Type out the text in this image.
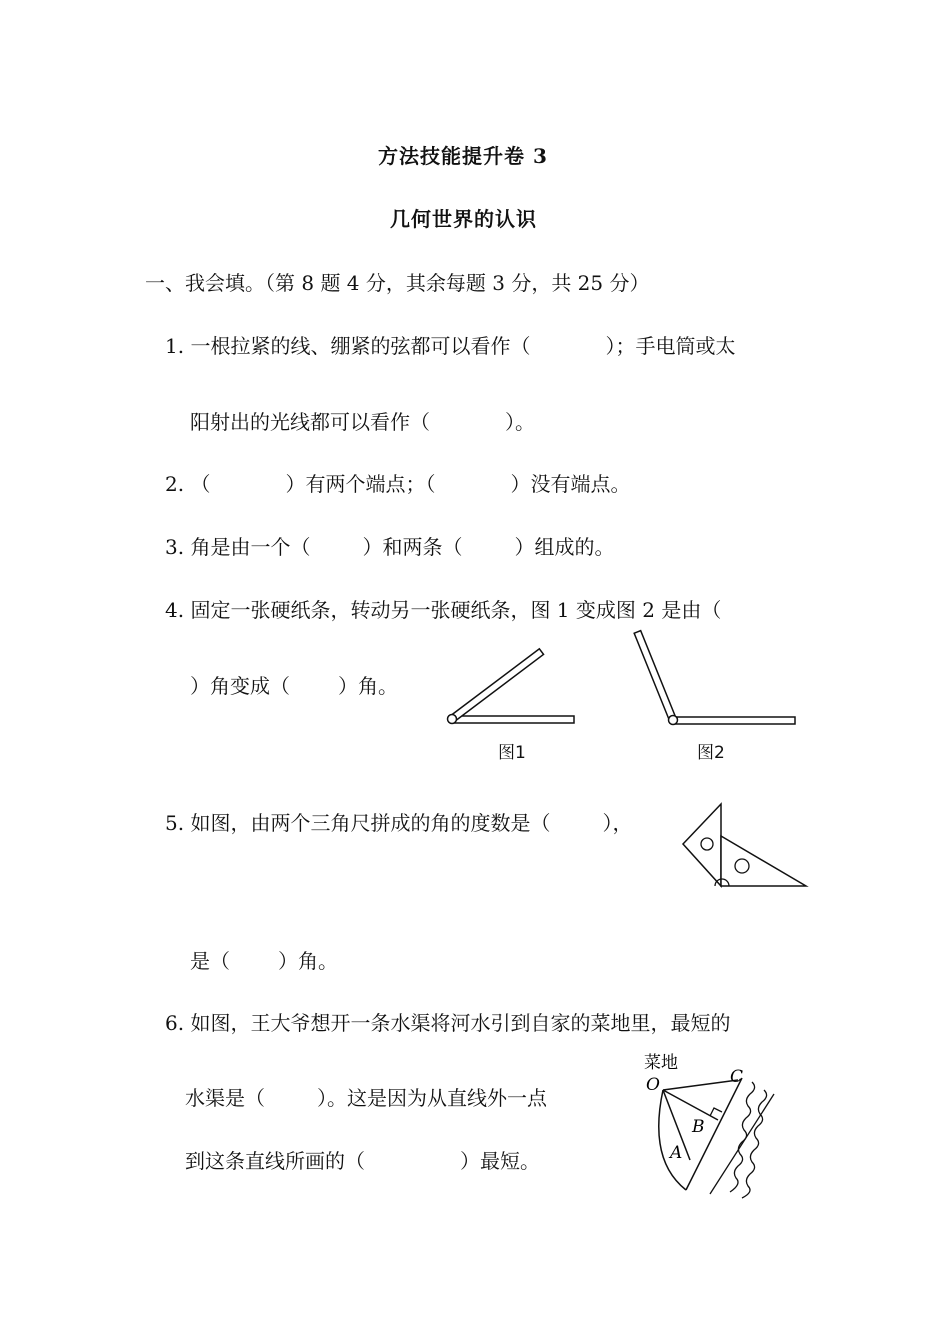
方法技能提升卷 3
几何世界的认识
一、我会填。（第 8 题 4 分，其余每题 3 分，共 25 分）
1. 一根拉紧的线、绷紧的弦都可以看作（	）；手电筒或太
阳射出的光线都可以看作（	）。
2. （	）有两个端点；（	）没有端点。
3. 角是由一个（	）和两条（	）组成的。
4. 固定一张硬纸条，转动另一张硬纸条，图 1 变成图 2 是由（
）角变成（ ）角。
图1	图2
5. 如图，由两个三角尺拼成的角的度数是（	），
是（ ）角。
6. 如图，王大爷想开一条水渠将河水引到自家的菜地里，最短的
水渠是（	）。这是因为从直线外一点
到这条直线所画的（	）最短。
菜地
O	C
B
A
